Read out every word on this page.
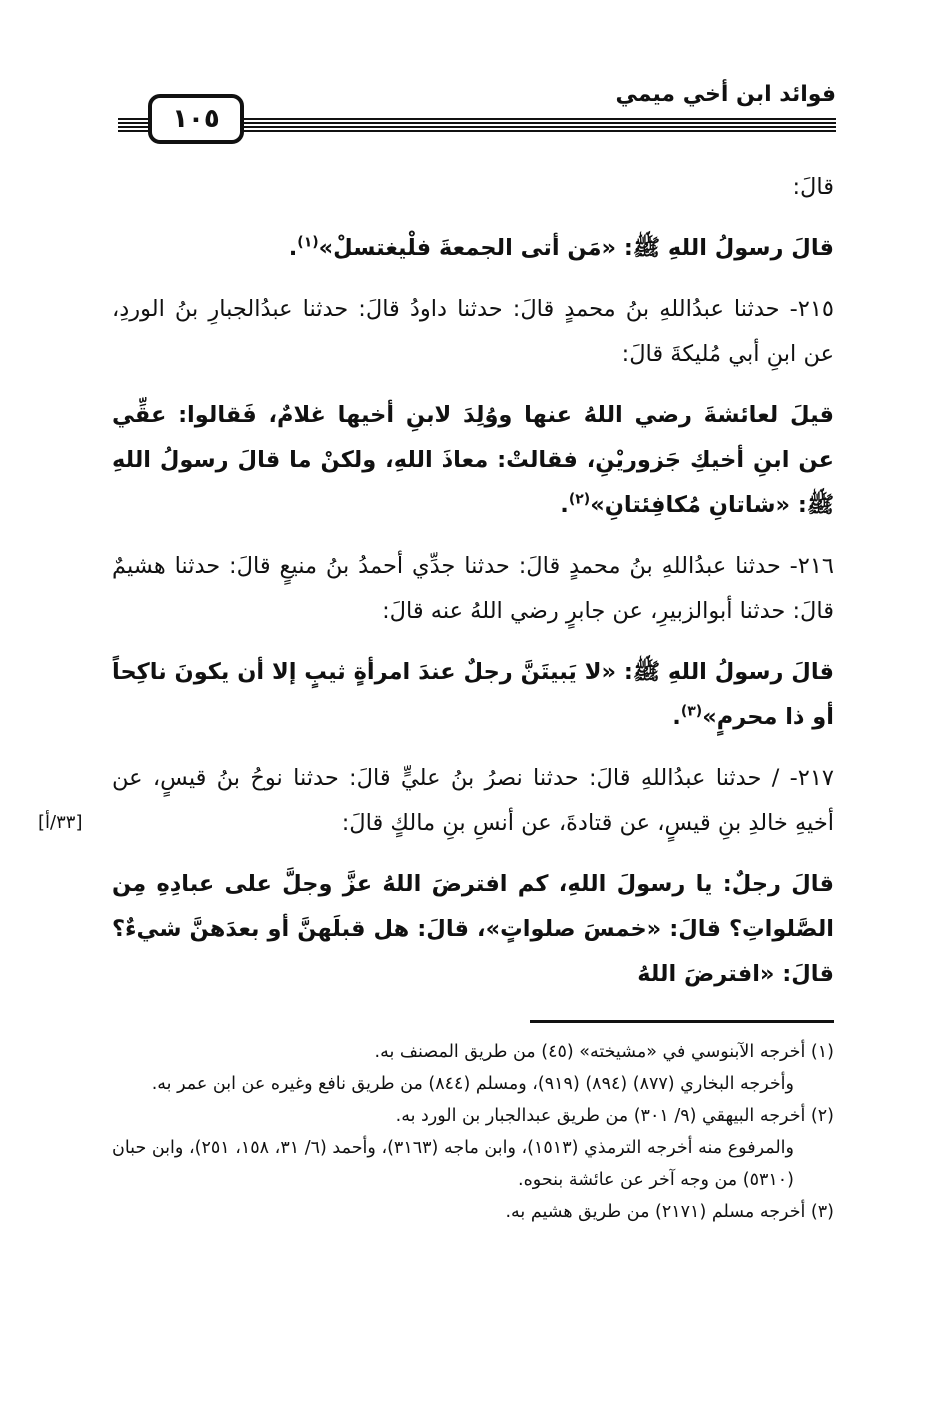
فوائد ابن أخي ميمي
١٠٥

قالَ:

قالَ رسولُ اللهِ ﷺ: «مَن أتى الجمعةَ فلْيغتسلْ»$^{(١)}$.

٢١٥- حدثنا عبدُاللهِ بنُ محمدٍ قالَ: حدثنا داودُ قالَ: حدثنا عبدُالجبارِ بنُ الوردِ، عن ابنِ أبي مُليكةَ قالَ:

قيلَ لعائشةَ رضي اللهُ عنها ووُلِدَ لابنِ أخيها غلامٌ، فَقالوا: عقِّي عن ابنِ أخيكِ جَزوريْنِ، فقالتْ: معاذَ اللهِ، ولكنْ ما قالَ رسولُ اللهِ ﷺ: «شاتانِ مُكافِئتانِ»$^{(٢)}$.

٢١٦- حدثنا عبدُاللهِ بنُ محمدٍ قالَ: حدثنا جدِّي أحمدُ بنُ منيعٍ قالَ: حدثنا هشيمٌ قالَ: حدثنا أبوالزبيرِ، عن جابرٍ رضي اللهُ عنه قالَ:

قالَ رسولُ اللهِ ﷺ: «لا يَبيتَنَّ رجلٌ عندَ امرأةٍ ثيبٍ إلا أن يكونَ ناكِحاً أو ذا محرمٍ»$^{(٣)}$.

٢١٧- / حدثنا عبدُاللهِ قالَ: حدثنا نصرُ بنُ عليٍّ قالَ: حدثنا نوحُ بنُ قيسٍ، عن أخيهِ خالدِ بنِ قيسٍ، عن قتادةَ، عن أنسِ بنِ مالكٍ قالَ:

قالَ رجلٌ: يا رسولَ اللهِ، كم افترضَ اللهُ عزَّ وجلَّ على عبادِهِ مِن الصَّلواتِ؟ قالَ: «خمسَ صلواتٍ»، قالَ: هل قبلَهنَّ أو بعدَهنَّ شيءٌ؟ قالَ: «افترضَ اللهُ

[٣٣/أ]

(١) أخرجه الآبنوسي في «مشيخته» (٤٥) من طريق المصنف به.

وأخرجه البخاري (٨٧٧) (٨٩٤) (٩١٩)، ومسلم (٨٤٤) من طريق نافع وغيره عن ابن عمر به.

(٢) أخرجه البيهقي (٩/ ٣٠١) من طريق عبدالجبار بن الورد به.

والمرفوع منه أخرجه الترمذي (١٥١٣)، وابن ماجه (٣١٦٣)، وأحمد (٦/ ٣١، ١٥٨، ٢٥١)، وابن حبان (٥٣١٠) من وجه آخر عن عائشة بنحوه.

(٣) أخرجه مسلم (٢١٧١) من طريق هشيم به.
